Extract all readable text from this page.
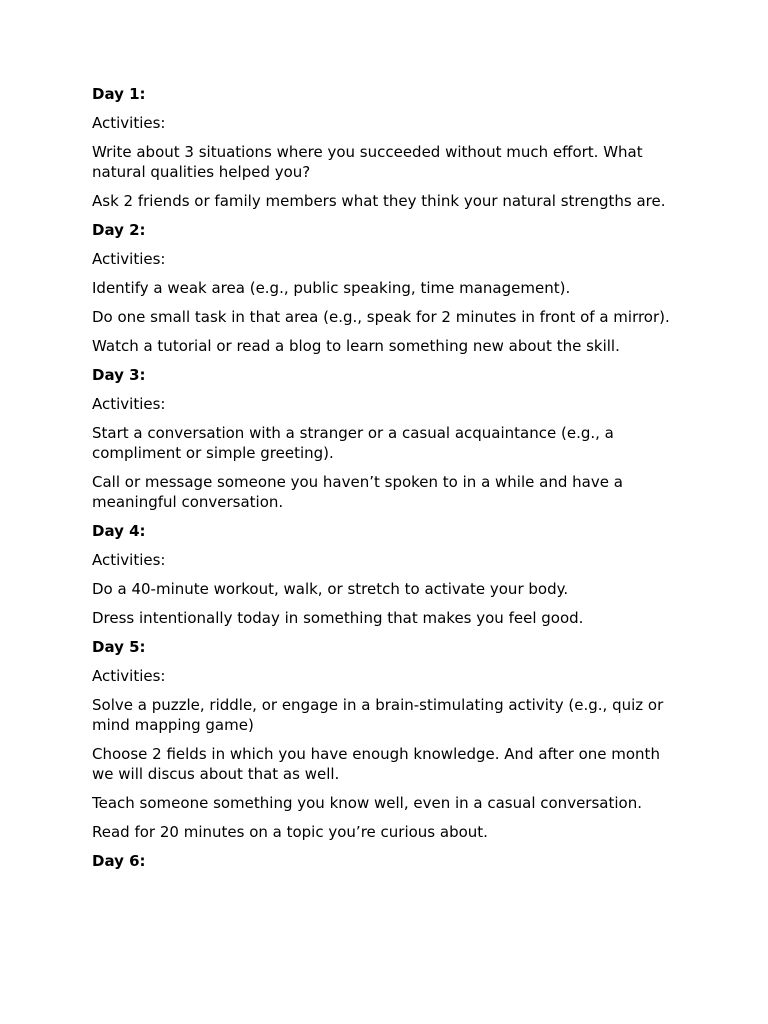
Day 1:
Activities:
Write about 3 situations where you succeeded without much effort. What natural qualities helped you?
Ask 2 friends or family members what they think your natural strengths are.
Day 2:
Activities:
Identify a weak area (e.g., public speaking, time management).
Do one small task in that area (e.g., speak for 2 minutes in front of a mirror).
Watch a tutorial or read a blog to learn something new about the skill.
Day 3:
Activities:
Start a conversation with a stranger or a casual acquaintance (e.g., a compliment or simple greeting).
Call or message someone you haven’t spoken to in a while and have a meaningful conversation.
Day 4:
Activities:
Do a 40-minute workout, walk, or stretch to activate your body.
Dress intentionally today in something that makes you feel good.
Day 5:
Activities:
Solve a puzzle, riddle, or engage in a brain-stimulating activity (e.g., quiz or mind mapping game)
Choose 2 fields in which you have enough knowledge. And after one month we will discus about that as well.
Teach someone something you know well, even in a casual conversation.
Read for 20 minutes on a topic you’re curious about.
Day 6:
